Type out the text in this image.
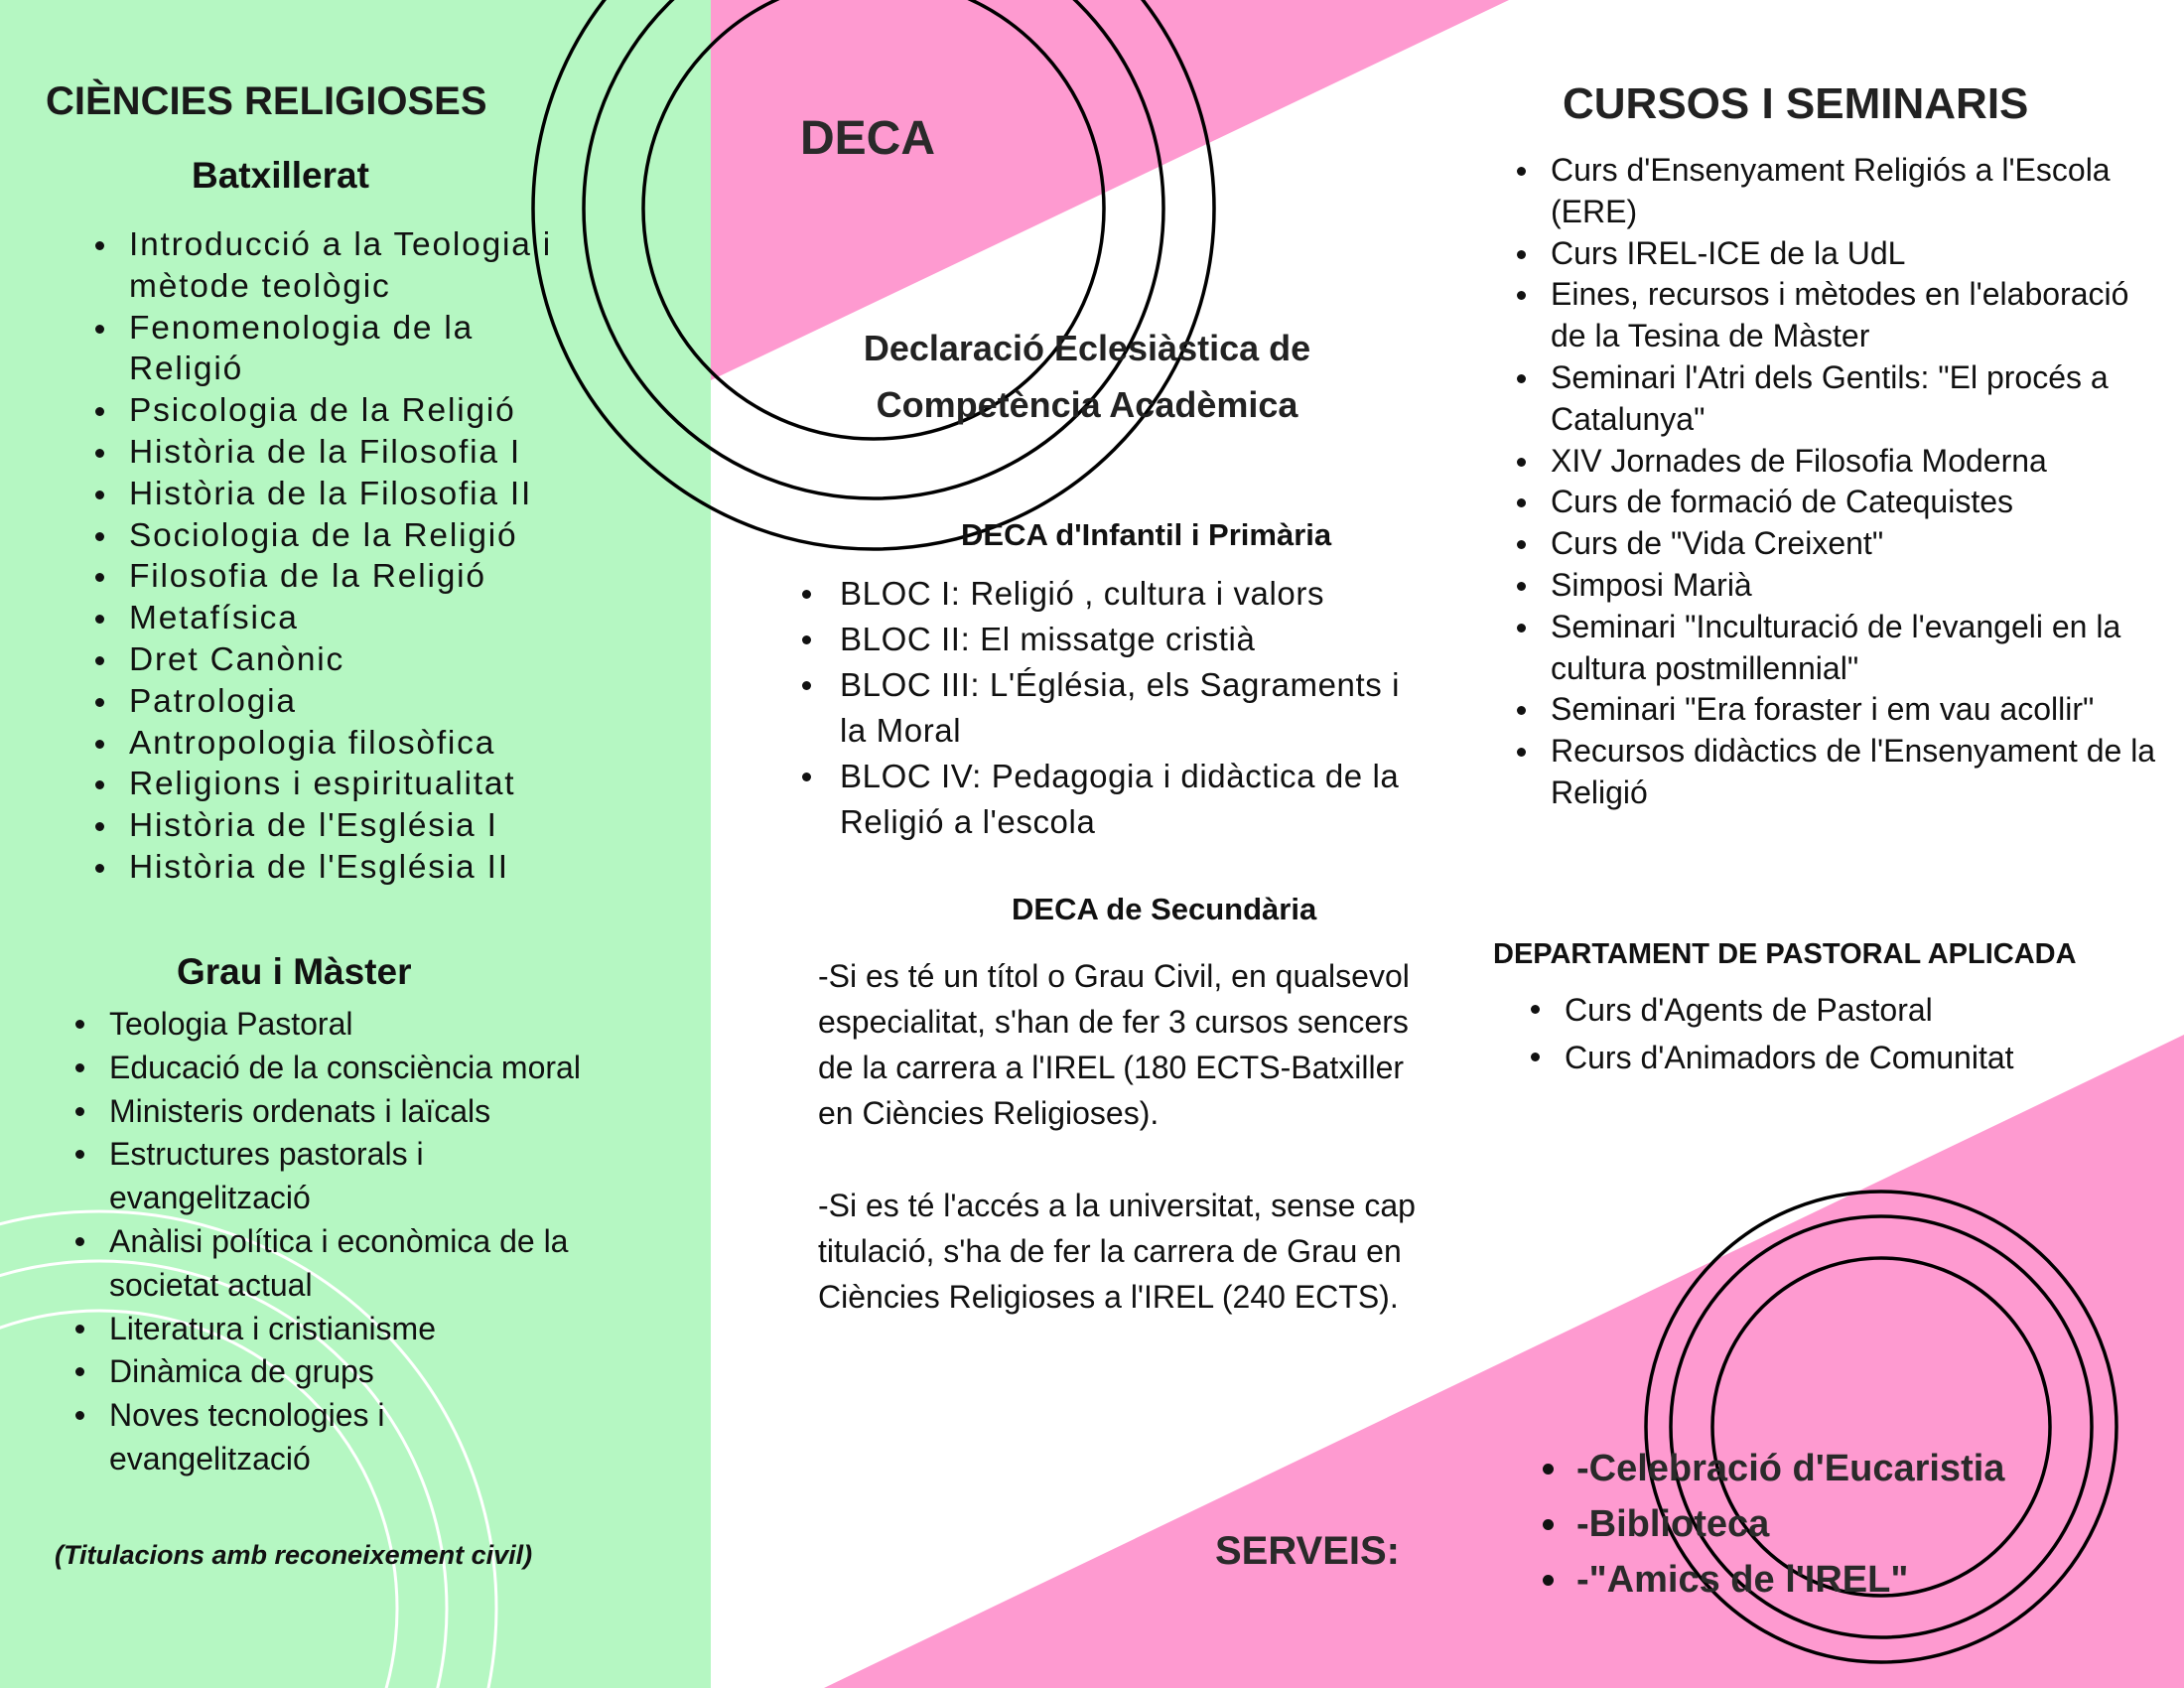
CIÈNCIES RELIGIOSES
Batxillerat
Introducció a la Teologia i mètode teològic
Fenomenologia de la Religió
Psicologia de la Religió
Història de la Filosofia I
Història de la Filosofia II
Sociologia de la Religió
Filosofia de la Religió
Metafísica
Dret Canònic
Patrologia
Antropologia filosòfica
Religions i espiritualitat
Història de l'Església I
Història de l'Església II
Grau i Màster
Teologia Pastoral
Educació de la consciència moral
Ministeris ordenats i laïcals
Estructures pastorals i evangelització
Anàlisi política i econòmica de la societat actual
Literatura i cristianisme
Dinàmica de grups
Noves tecnologies i evangelització
(Titulacions amb reconeixement civil)
DECA
Declaració Eclesiàstica de Competència Acadèmica
DECA d'Infantil i Primària
BLOC I: Religió , cultura i valors
BLOC II: El missatge cristià
BLOC III: L'Églésia, els Sagraments i la Moral
BLOC IV: Pedagogia i didàctica de la Religió a l'escola
DECA de Secundària

-Si es té un títol o Grau Civil, en qualsevol especialitat, s'han de fer 3 cursos sencers de la carrera a l'IREL (180 ECTS-Batxiller en Ciències Religioses).

-Si es té l'accés a la universitat, sense cap titulació, s'ha de fer la carrera de Grau en Ciències Religioses a l'IREL (240 ECTS).

SERVEIS:
CURSOS I SEMINARIS
Curs d'Ensenyament Religiós a l'Escola (ERE)
Curs IREL-ICE de la UdL
Eines, recursos i mètodes en l'elaboració de la Tesina de Màster
Seminari l'Atri dels Gentils: "El procés a Catalunya"
XIV Jornades de Filosofia Moderna
Curs de formació de Catequistes
Curs de "Vida Creixent"
Simposi Marià
Seminari "Inculturació de l'evangeli en la cultura postmillennial"
Seminari "Era foraster i em vau acollir"
Recursos didàctics de l'Ensenyament de la Religió
DEPARTAMENT DE PASTORAL APLICADA
Curs d'Agents de Pastoral
Curs d'Animadors de Comunitat
-Celebració d'Eucaristia
-Biblioteca
-"Amics de l'IREL"
